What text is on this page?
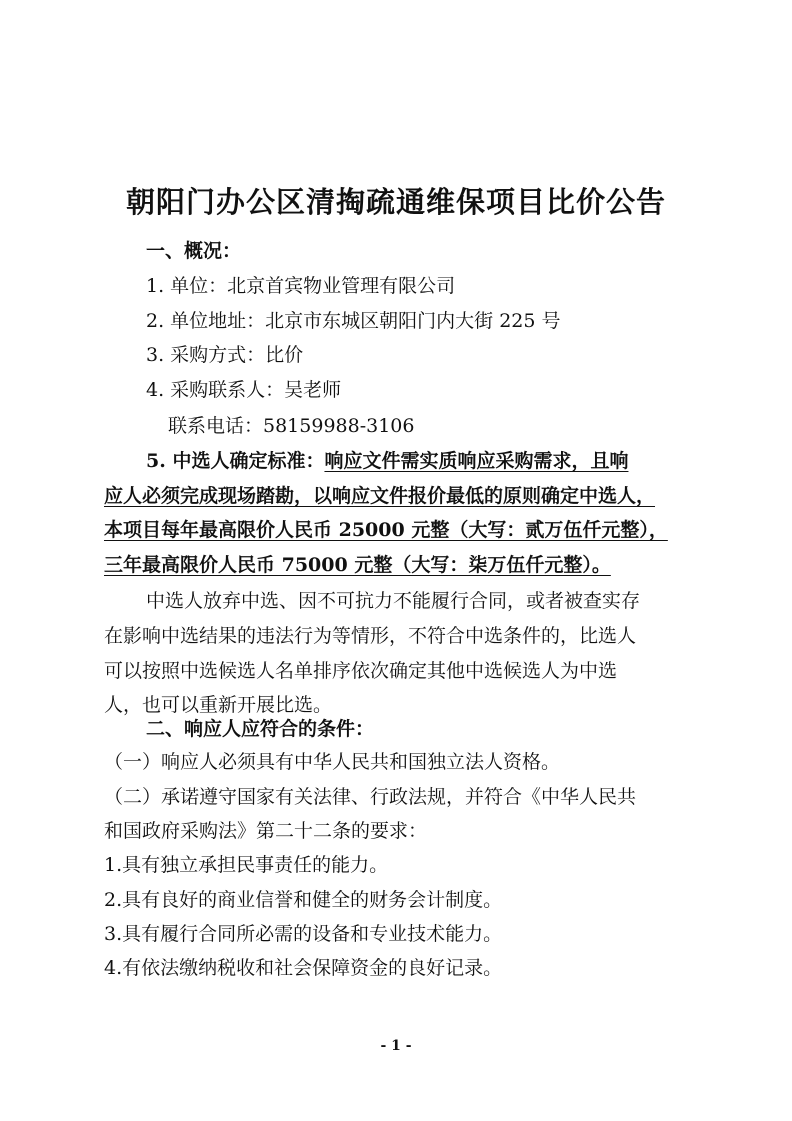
朝阳门办公区清掏疏通维保项目比价公告
一、概况：
1. 单位：北京首宾物业管理有限公司
2. 单位地址：北京市东城区朝阳门内大街 225 号
3. 采购方式：比价
4. 采购联系人：吴老师
联系电话：58159988-3106
5. 中选人确定标准：响应文件需实质响应采购需求，且响
应人必须完成现场踏勘，以响应文件报价最低的原则确定中选人，
本项目每年最高限价人民币 25000 元整（大写：贰万伍仟元整），
三年最高限价人民币 75000 元整（大写：柒万伍仟元整）。
中选人放弃中选、因不可抗力不能履行合同，或者被查实存
在影响中选结果的违法行为等情形，不符合中选条件的，比选人
可以按照中选候选人名单排序依次确定其他中选候选人为中选
人，也可以重新开展比选。
二、响应人应符合的条件：
（一）响应人必须具有中华人民共和国独立法人资格。
（二）承诺遵守国家有关法律、行政法规，并符合《中华人民共
和国政府采购法》第二十二条的要求：
1.具有独立承担民事责任的能力。
2.具有良好的商业信誉和健全的财务会计制度。
3.具有履行合同所必需的设备和专业技术能力。
4.有依法缴纳税收和社会保障资金的良好记录。
- 1 -
